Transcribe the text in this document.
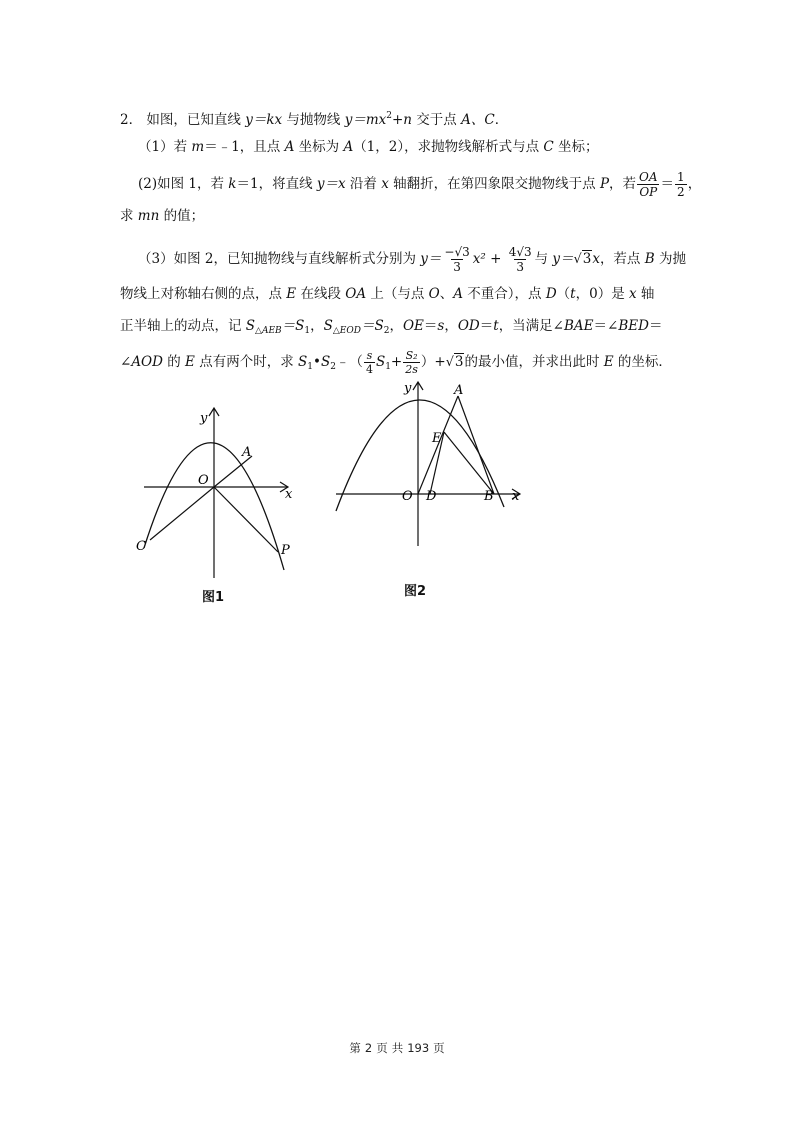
2． 如图，已知直线 y＝kx 与抛物线 $y=mx^2+n$ 交于点 A、C．
（1）若 m＝﹣1，且点 A 坐标为 A（1，2），求抛物线解析式与点 C 坐标；
(2)如图 1，若 k＝1，将直线 y＝x 沿着 x 轴翻折，在第四象限交抛物线于点 P，若 $\frac{OA}{OP} = \frac{1}{2}$ ，
求 mn 的值；
（3）如图 2，已知抛物线与直线解析式分别为 $y= \frac{-√3}{3} x^2 + \frac{4√3}{3}$ 与 y＝√3x，若点 B 为抛
物线上对称轴右侧的点，点 E 在线段 OA 上（与点 O、A 不重合），点 D（t，0）是 x 轴
正半轴上的动点，记 $S_{\triangle AEB}=S_1$，$S_{\triangle EOD}=S_2$，OE＝s，OD＝t，当满足∠BAE＝∠BED＝
∠AOD 的 E 点有两个时，求 $S_1•S_2﹣( \frac{s}{4} S_1+ \frac{\text{S₂}}{2s} )+√3$的最小值，并求出此时 E 的坐标．
y
x
O
A
C	P
图1
y
x
O
A
E
D	B
图2
第 2 页 共 193 页
